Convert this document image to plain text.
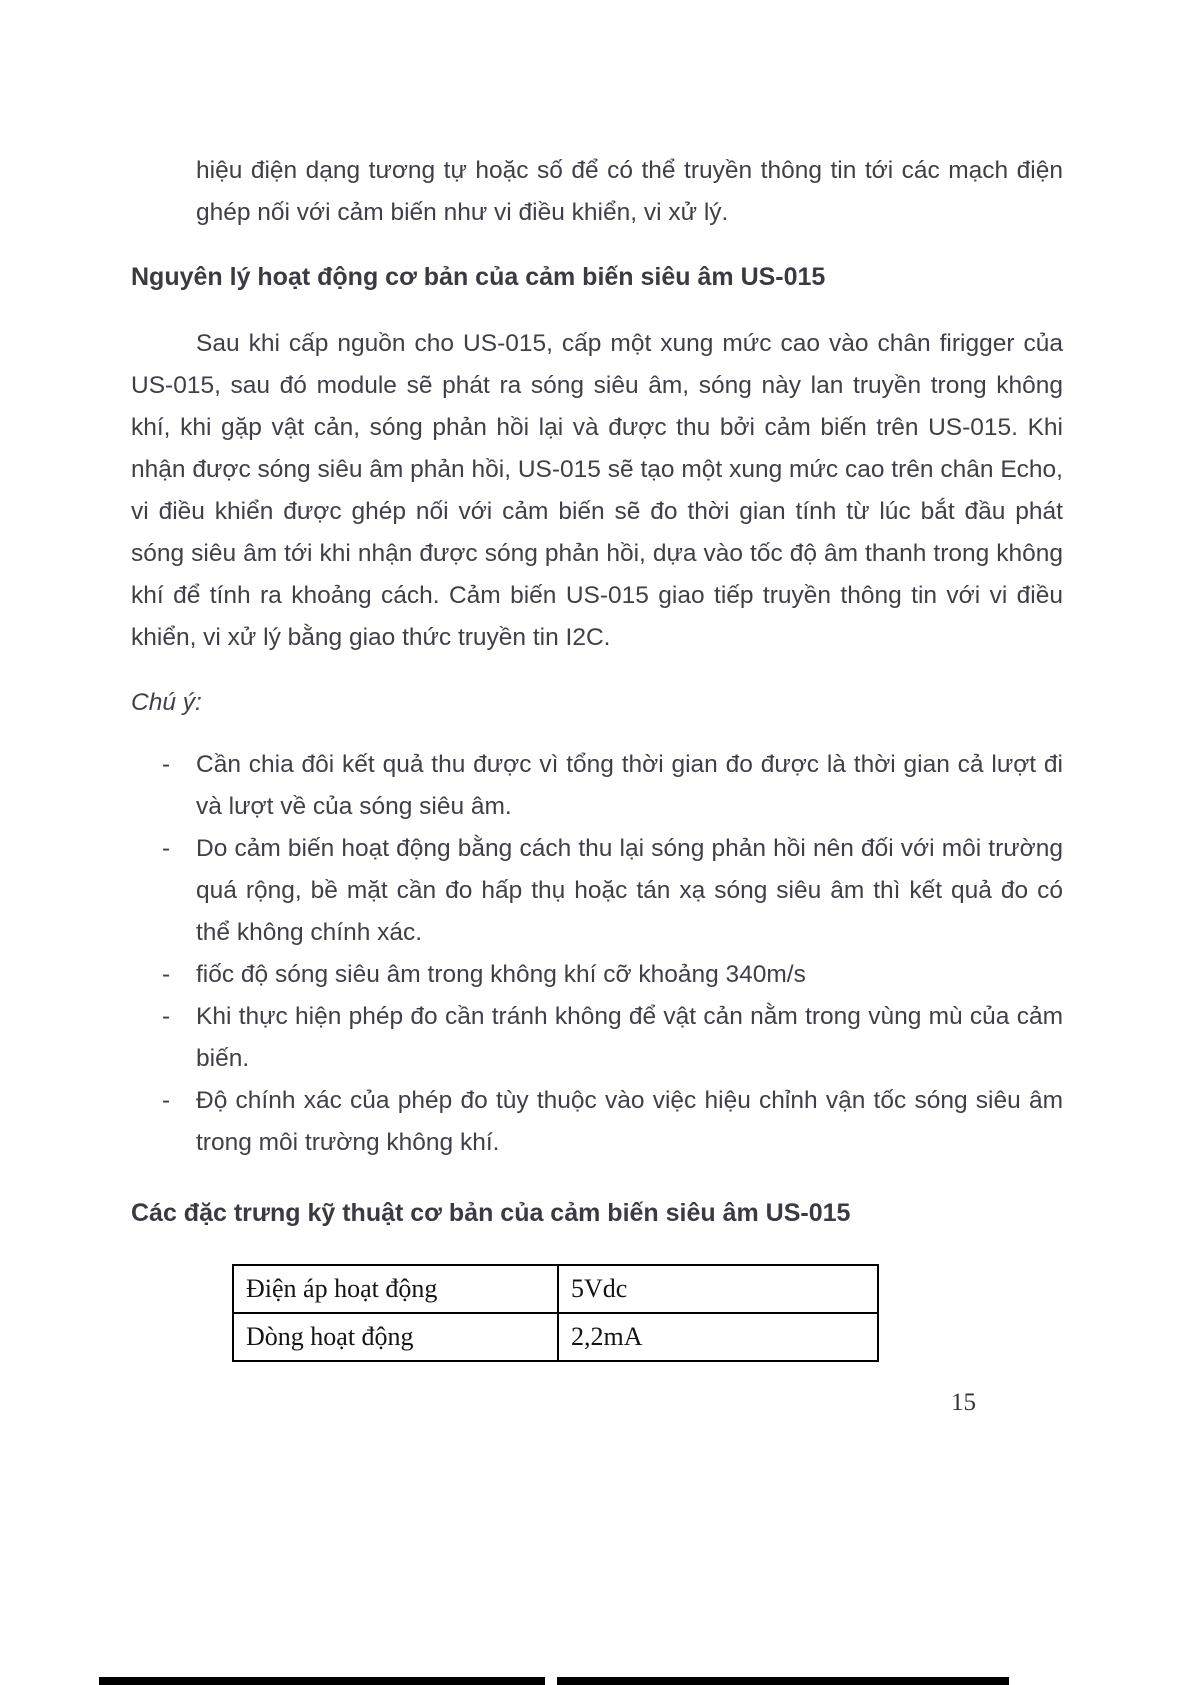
hiệu điện dạng tương tự hoặc số để có thể truyền thông tin tới các mạch điện ghép nối với cảm biến như vi điều khiển, vi xử lý.

Nguyên lý hoạt động cơ bản của cảm biến siêu âm US-015

Sau khi cấp nguồn cho US-015, cấp một xung mức cao vào chân firigger của US-015, sau đó module sẽ phát ra sóng siêu âm, sóng này lan truyền trong không khí, khi gặp vật cản, sóng phản hồi lại và được thu bởi cảm biến trên US-015. Khi nhận được sóng siêu âm phản hồi, US-015 sẽ tạo một xung mức cao trên chân Echo, vi điều khiển được ghép nối với cảm biến sẽ đo thời gian tính từ lúc bắt đầu phát sóng siêu âm tới khi nhận được sóng phản hồi, dựa vào tốc độ âm thanh trong không khí để tính ra khoảng cách. Cảm biến US-015 giao tiếp truyền thông tin với vi điều khiển, vi xử lý bằng giao thức truyền tin I2C.

Chú ý:

-	Cần chia đôi kết quả thu được vì tổng thời gian đo được là thời gian cả lượt đi và lượt về của sóng siêu âm.
-	Do cảm biến hoạt động bằng cách thu lại sóng phản hồi nên đối với môi trường quá rộng, bề mặt cần đo hấp thụ hoặc tán xạ sóng siêu âm thì kết quả đo có thể không chính xác.
-	fiốc độ sóng siêu âm trong không khí cỡ khoảng 340m/s
-	Khi thực hiện phép đo cần tránh không để vật cản nằm trong vùng mù của cảm biến.
-	Độ chính xác của phép đo tùy thuộc vào việc hiệu chỉnh vận tốc sóng siêu âm trong môi trường không khí.
Các đặc trưng kỹ thuật cơ bản của cảm biến siêu âm US-015
Điện áp hoạt động	5Vdc
Dòng hoạt động	2,2mA
15
